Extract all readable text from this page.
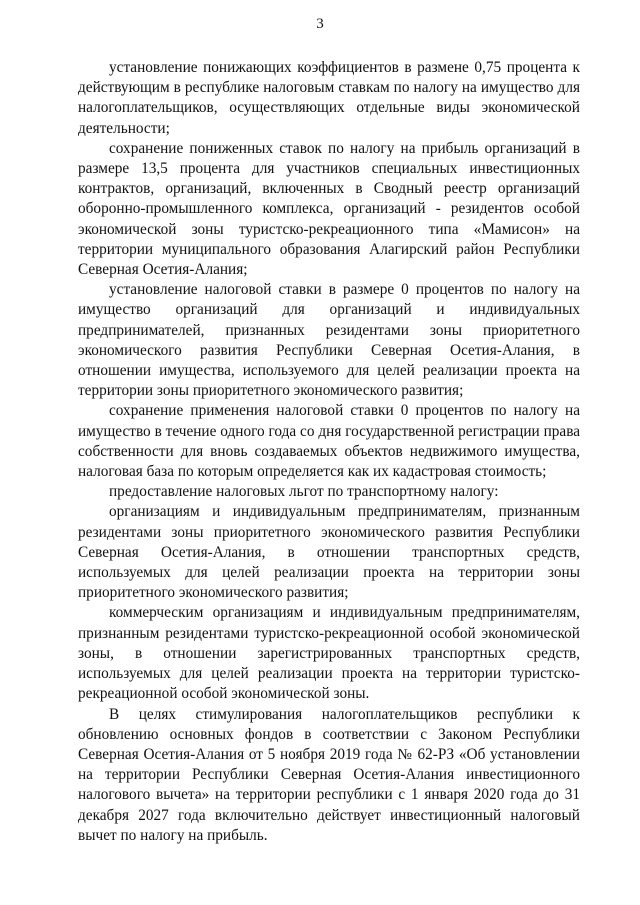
3

установление понижающих коэффициентов в размене 0,75 процента к действующим в республике налоговым ставкам по налогу на имущество для налогоплательщиков, осуществляющих отдельные виды экономической деятельности;

сохранение пониженных ставок по налогу на прибыль организаций в размере 13,5 процента для участников специальных инвестиционных контрактов, организаций, включенных в Сводный реестр организаций оборонно-промышленного комплекса, организаций - резидентов особой экономической зоны туристско-рекреационного типа «Мамисон» на территории муниципального образования Алагирский район Республики Северная Осетия-Алания;

установление налоговой ставки в размере 0 процентов по налогу на имущество организаций для организаций и индивидуальных предпринимателей, признанных резидентами зоны приоритетного экономического развития Республики Северная Осетия-Алания, в отношении имущества, используемого для целей реализации проекта на территории зоны приоритетного экономического развития;

сохранение применения налоговой ставки 0 процентов по налогу на имущество в течение одного года со дня государственной регистрации права собственности для вновь создаваемых объектов недвижимого имущества, налоговая база по которым определяется как их кадастровая стоимость;

предоставление налоговых льгот по транспортному налогу:

организациям и индивидуальным предпринимателям, признанным резидентами зоны приоритетного экономического развития Республики Северная Осетия-Алания, в отношении транспортных средств, используемых для целей реализации проекта на территории зоны приоритетного экономического развития;

коммерческим организациям и индивидуальным предпринимателям, признанным резидентами туристско-рекреационной особой экономической зоны, в отношении зарегистрированных транспортных средств, используемых для целей реализации проекта на территории туристско-рекреационной особой экономической зоны.

В целях стимулирования налогоплательщиков республики к обновлению основных фондов в соответствии с Законом Республики Северная Осетия-Алания от 5 ноября 2019 года № 62-РЗ «Об установлении на территории Республики Северная Осетия-Алания инвестиционного налогового вычета» на территории республики с 1 января 2020 года до 31 декабря 2027 года включительно действует инвестиционный налоговый вычет по налогу на прибыль.
